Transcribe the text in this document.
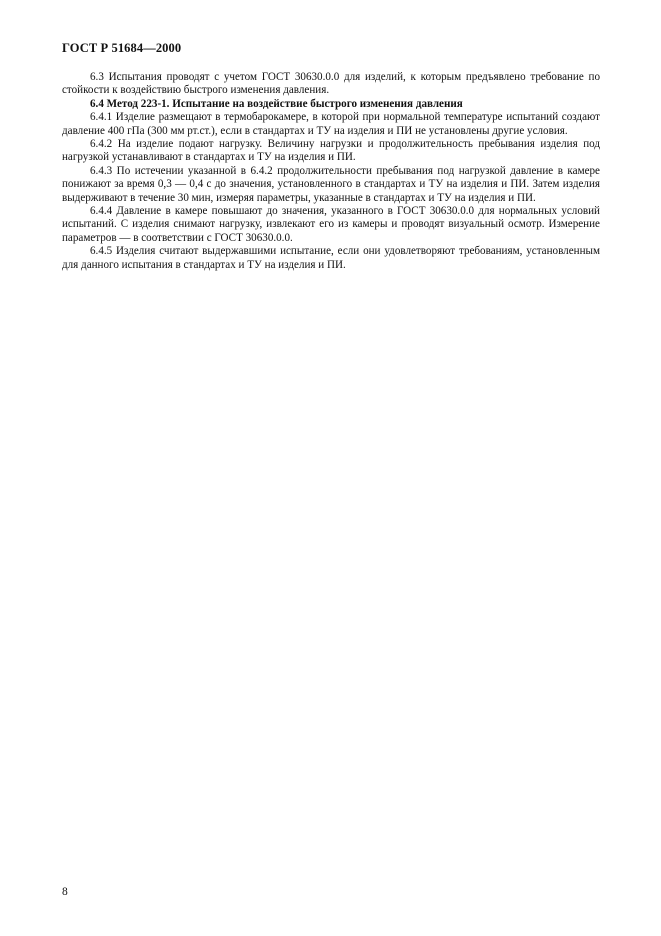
ГОСТ Р 51684—2000

6.3 Испытания проводят с учетом ГОСТ 30630.0.0 для изделий, к которым предъявлено требование по стойкости к воздействию быстрого изменения давления.

6.4 Метод 223-1. Испытание на воздействие быстрого изменения давления

6.4.1 Изделие размещают в термобарокамере, в которой при нормальной температуре испытаний создают давление 400 гПа (300 мм рт.ст.), если в стандартах и ТУ на изделия и ПИ не установлены другие условия.

6.4.2 На изделие подают нагрузку. Величину нагрузки и продолжительность пребывания изделия под нагрузкой устанавливают в стандартах и ТУ на изделия и ПИ.

6.4.3 По истечении указанной в 6.4.2 продолжительности пребывания под нагрузкой давление в камере понижают за время 0,3 — 0,4 с до значения, установленного в стандартах и ТУ на изделия и ПИ. Затем изделия выдерживают в течение 30 мин, измеряя параметры, указанные в стандартах и ТУ на изделия и ПИ.

6.4.4 Давление в камере повышают до значения, указанного в ГОСТ 30630.0.0 для нормальных условий испытаний. С изделия снимают нагрузку, извлекают его из камеры и проводят визуальный осмотр. Измерение параметров — в соответствии с ГОСТ 30630.0.0.

6.4.5 Изделия считают выдержавшими испытание, если они удовлетворяют требованиям, установленным для данного испытания в стандартах и ТУ на изделия и ПИ.

8
